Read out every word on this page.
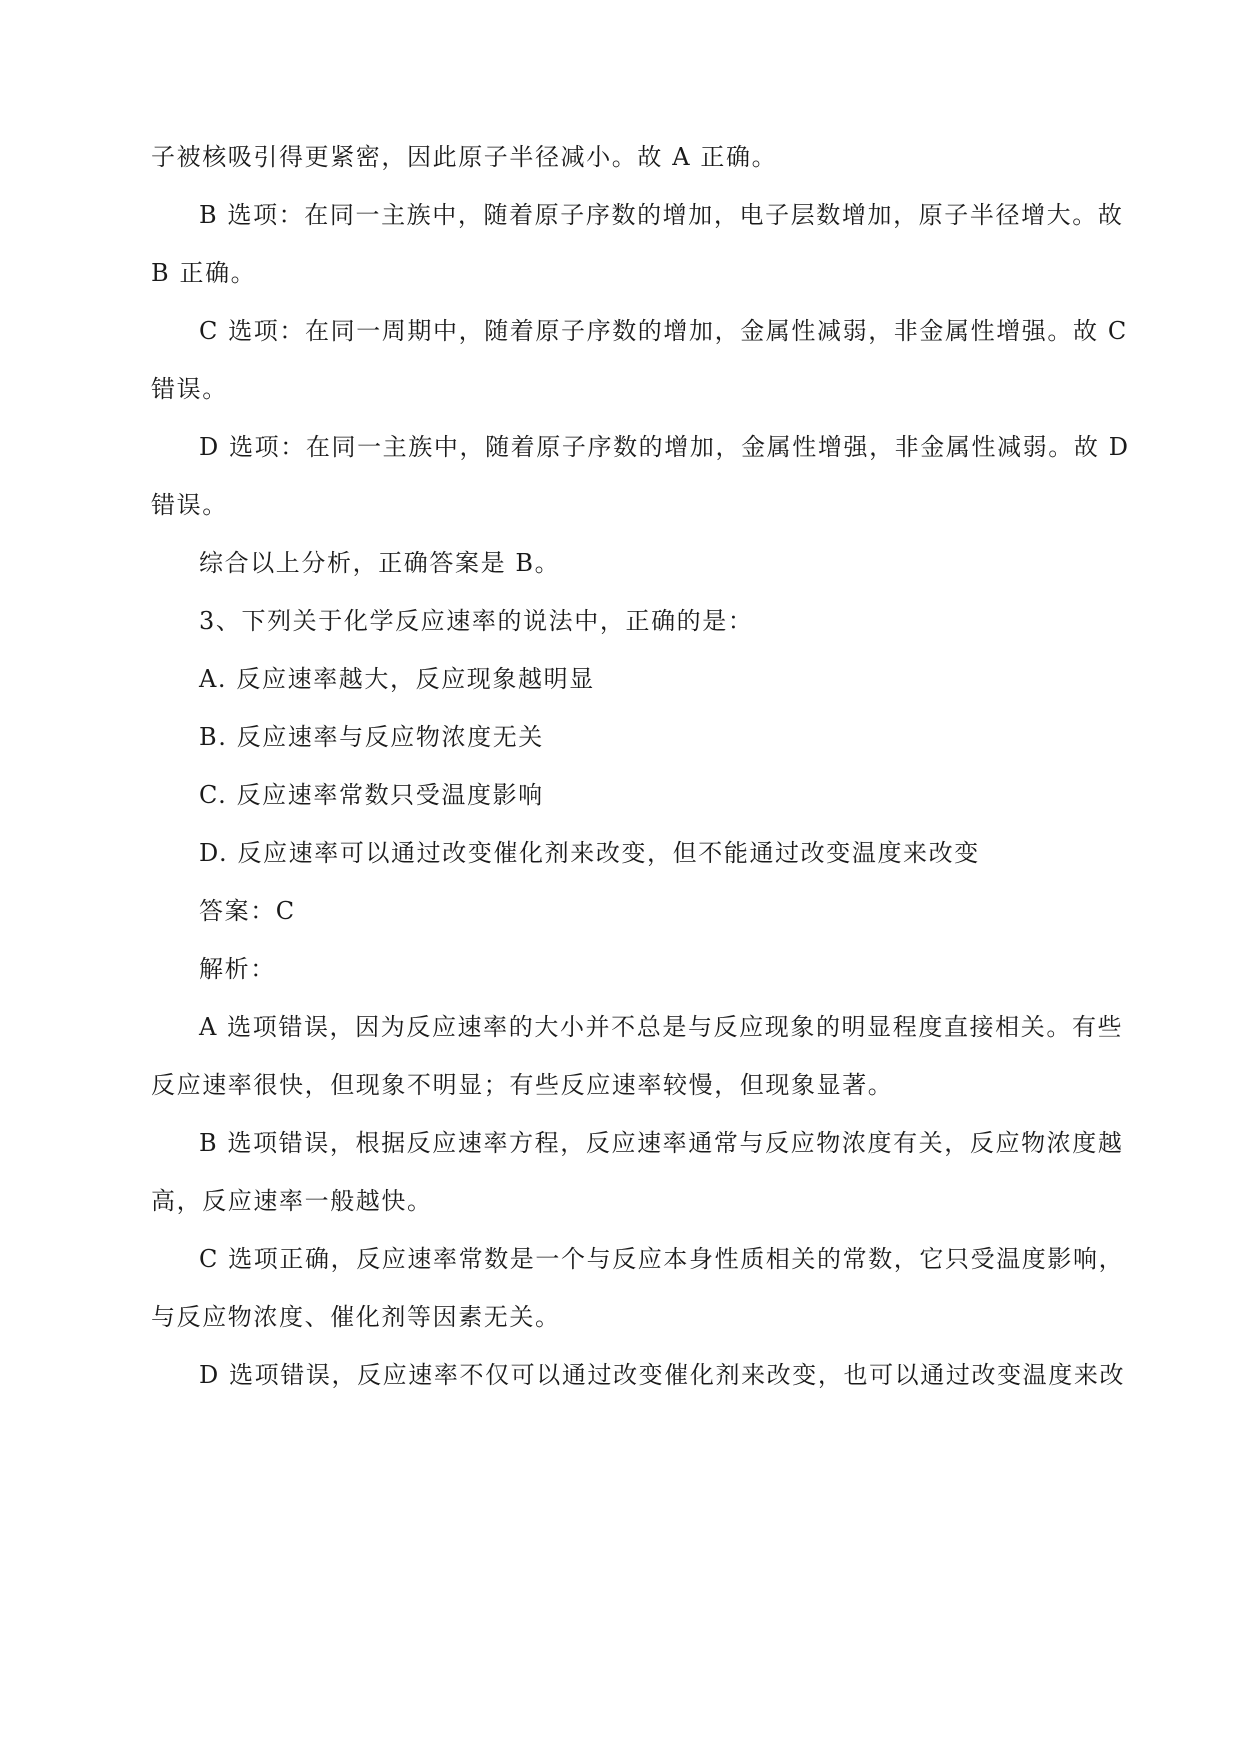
子被核吸引得更紧密，因此原子半径减小。故 A 正确。
B 选项：在同一主族中，随着原子序数的增加，电子层数增加，原子半径增大。故
B 正确。
C 选项：在同一周期中，随着原子序数的增加，金属性减弱，非金属性增强。故 C
错误。
D 选项：在同一主族中，随着原子序数的增加，金属性增强，非金属性减弱。故 D
错误。
综合以上分析，正确答案是 B。
3、下列关于化学反应速率的说法中，正确的是：
A. 反应速率越大，反应现象越明显
B. 反应速率与反应物浓度无关
C. 反应速率常数只受温度影响
D. 反应速率可以通过改变催化剂来改变，但不能通过改变温度来改变
答案：C
解析：
A 选项错误，因为反应速率的大小并不总是与反应现象的明显程度直接相关。有些
反应速率很快，但现象不明显；有些反应速率较慢，但现象显著。
B 选项错误，根据反应速率方程，反应速率通常与反应物浓度有关，反应物浓度越
高，反应速率一般越快。
C 选项正确，反应速率常数是一个与反应本身性质相关的常数，它只受温度影响，
与反应物浓度、催化剂等因素无关。
D 选项错误，反应速率不仅可以通过改变催化剂来改变，也可以通过改变温度来改
